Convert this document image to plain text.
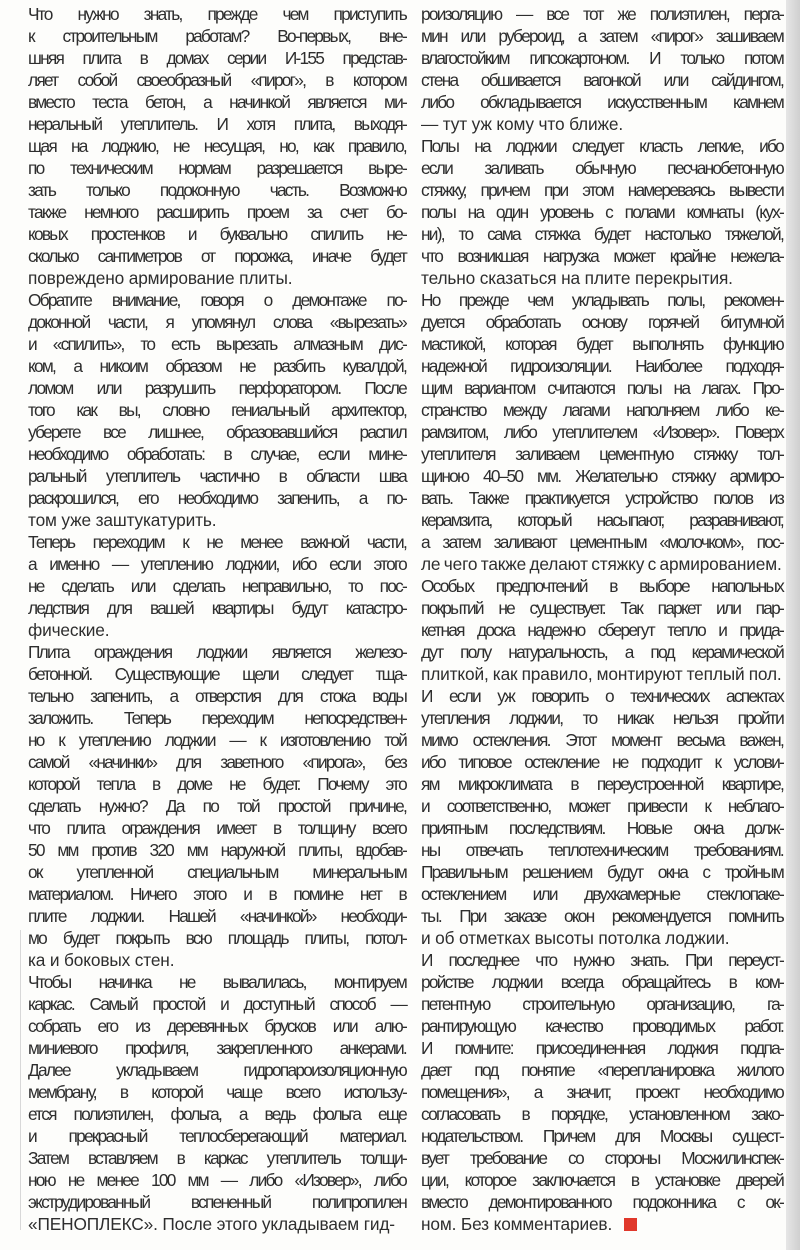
Что нужно знать, прежде чем приступить
к строительным работам? Во-первых, вне-
шняя плита в домах серии И-155 представ-
ляет собой своеобразный «пирог», в котором
вместо теста бетон, а начинкой является ми-
неральный утеплитель. И хотя плита, выходя-
щая на лоджию, не несущая, но, как правило,
по техническим нормам разрешается выре-
зать только подоконную часть. Возможно
также немного расширить проем за счет бо-
ковых простенков и буквально спилить не-
сколько сантиметров от порожка, иначе будет
повреждено армирование плиты.
Обратите внимание, говоря о демонтаже по-
доконной части, я упомянул слова «вырезать»
и «спилить», то есть вырезать алмазным дис-
ком, а никоим образом не разбить кувалдой,
ломом или разрушить перфоратором. После
того как вы, словно гениальный архитектор,
уберете все лишнее, образовавшийся распил
необходимо обработать: в случае, если мине-
ральный утеплитель частично в области шва
раскрошился, его необходимо запенить, а по-
том уже заштукатурить.
Теперь переходим к не менее важной части,
а именно — утеплению лоджии, ибо если этого
не сделать или сделать неправильно, то пос-
ледствия для вашей квартиры будут катастро-
фические.
Плита ограждения лоджии является железо-
бетонной. Существующие щели следует тща-
тельно запенить, а отверстия для стока воды
заложить. Теперь переходим непосредствен-
но к утеплению лоджии — к изготовлению той
самой «начинки» для заветного «пирога», без
которой тепла в доме не будет. Почему это
сделать нужно? Да по той простой причине,
что плита ограждения имеет в толщину всего
50 мм против 320 мм наружной плиты, вдобав-
ок утепленной специальным минеральным
материалом. Ничего этого и в помине нет в
плите лоджии. Нашей «начинкой» необходи-
мо будет покрыть всю площадь плиты, потол-
ка и боковых стен.
Чтобы начинка не вывалилась, монтируем
каркас. Самый простой и доступный способ —
собрать его из деревянных брусков или алю-
миниевого профиля, закрепленного анкерами.
Далее укладываем гидропароизоляционную
мембрану, в которой чаще всего использу-
ется полиэтилен, фольга, а ведь фольга еще
и прекрасный теплосберегающий материал.
Затем вставляем в каркас утеплитель толщи-
ною не менее 100 мм — либо «Изовер», либо
экструдированный вспененный полипропилен
«ПЕНОПЛЕКС». После этого укладываем гид-
роизоляцию — все тот же полиэтилен, перга-
мин или рубероид, а затем «пирог» зашиваем
влагостойким гипсокартоном. И только потом
стена обшивается вагонкой или сайдингом,
либо обкладывается искусственным камнем
— тут уж кому что ближе.
Полы на лоджии следует класть легкие, ибо
если заливать обычную песчанобетонную
стяжку, причем при этом намереваясь вывести
полы на один уровень с полами комнаты (кух-
ни), то сама стяжка будет настолько тяжелой,
что возникшая нагрузка может крайне нежела-
тельно сказаться на плите перекрытия.
Но прежде чем укладывать полы, рекомен-
дуется обработать основу горячей битумной
мастикой, которая будет выполнять функцию
надежной гидроизоляции. Наиболее подходя-
щим вариантом считаются полы на лагах. Про-
странство между лагами наполняем либо ке-
рамзитом, либо утеплителем «Изовер». Поверх
утеплителя заливаем цементную стяжку тол-
щиною 40–50 мм. Желательно стяжку армиро-
вать. Также практикуется устройство полов из
керамзита, который насыпают, разравнивают,
а затем заливают цементным «молочком», пос-
ле чего также делают стяжку с армированием.
Особых предпочтений в выборе напольных
покрытий не существует. Так паркет или пар-
кетная доска надежно сберегут тепло и прида-
дут полу натуральность, а под керамической
плиткой, как правило, монтируют теплый пол.
И если уж говорить о технических аспектах
утепления лоджии, то никак нельзя пройти
мимо остекления. Этот момент весьма важен,
ибо типовое остекление не подходит к услови-
ям микроклимата в переустроенной квартире,
и соответственно, может привести к неблаго-
приятным последствиям. Новые окна долж-
ны отвечать теплотехническим требованиям.
Правильным решением будут окна с тройным
остеклением или двухкамерные стеклопаке-
ты. При заказе окон рекомендуется помнить
и об отметках высоты потолка лоджии.
И последнее что нужно знать. При переуст-
ройстве лоджии всегда обращайтесь в ком-
петентную строительную организацию, га-
рантирующую качество проводимых работ.
И помните: присоединенная лоджия подпа-
дает под понятие «перепланировка жилого
помещения», а значит, проект необходимо
согласовать в порядке, установленном зако-
нодательством. Причем для Москвы сущест-
вует требование со стороны Мосжилинспек-
ции, которое заключается в установке дверей
вместо демонтированного подоконника с ок-
ном. Без комментариев.
